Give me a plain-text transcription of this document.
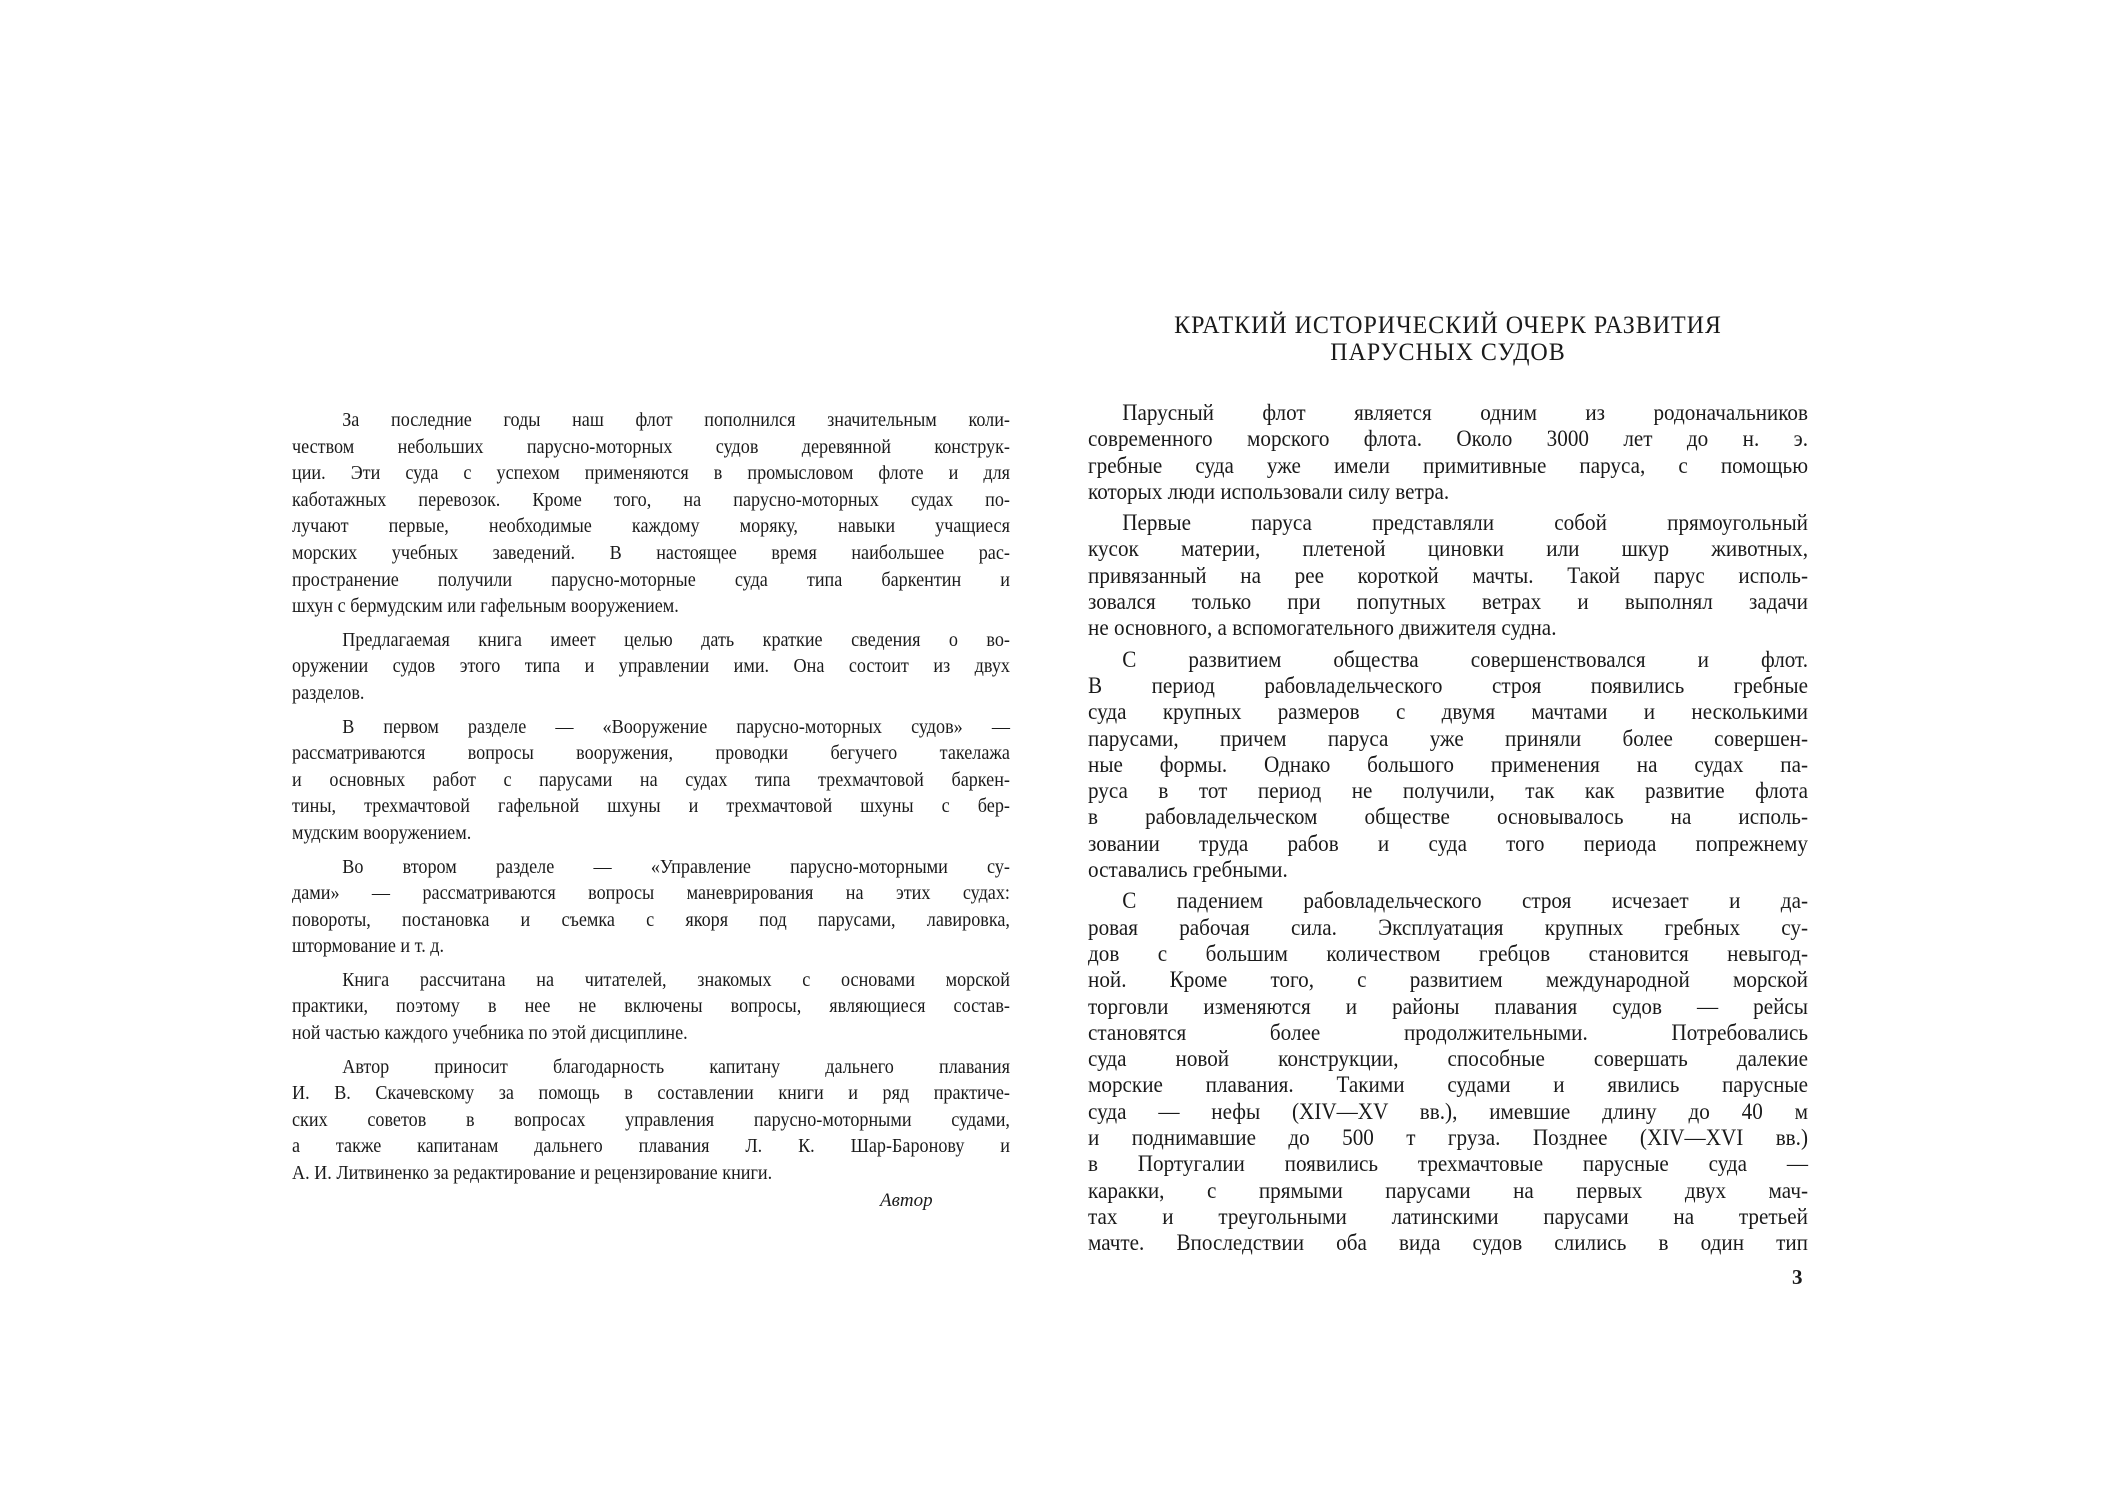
За последние годы наш флот пополнился значительным коли-
чеством небольших парусно-моторных судов деревянной конструк-
ции. Эти суда с успехом применяются в промысловом флоте и для
каботажных перевозок. Кроме того, на парусно-моторных судах по-
лучают первые, необходимые каждому моряку, навыки учащиеся
морских учебных заведений. В настоящее время наибольшее рас-
пространение получили парусно-моторные суда типа баркентин и
шхун с бермудским или гафельным вооружением.
Предлагаемая книга имеет целью дать краткие сведения о во-
оружении судов этого типа и управлении ими. Она состоит из двух
разделов.
В первом разделе — «Вооружение парусно-моторных судов» —
рассматриваются вопросы вооружения, проводки бегучего такелажа
и основных работ с парусами на судах типа трехмачтовой баркен-
тины, трехмачтовой гафельной шхуны и трехмачтовой шхуны с бер-
мудским вооружением.
Во втором разделе — «Управление парусно-моторными су-
дами» — рассматриваются вопросы маневрирования на этих судах:
повороты, постановка и съемка с якоря под парусами, лавировка,
штормование и т. д.
Книга рассчитана на читателей, знакомых с основами морской
практики, поэтому в нее не включены вопросы, являющиеся состав-
ной частью каждого учебника по этой дисциплине.
Автор приносит благодарность капитану дальнего плавания
И. В. Скачевскому за помощь в составлении книги и ряд практиче-
ских советов в вопросах управления парусно-моторными судами,
а также капитанам дальнего плавания Л. К. Шар-Баронову и
А. И. Литвиненко за редактирование и рецензирование книги.
Автор
КРАТКИЙ ИСТОРИЧЕСКИЙ ОЧЕРК РАЗВИТИЯ
ПАРУСНЫХ СУДОВ
Парусный флот является одним из родоначальников
современного морского флота. Около 3000 лет до н. э.
гребные суда уже имели примитивные паруса, с помощью
которых люди использовали силу ветра.
Первые паруса представляли собой прямоугольный
кусок материи, плетеной циновки или шкур животных,
привязанный на рее короткой мачты. Такой парус исполь-
зовался только при попутных ветрах и выполнял задачи
не основного, а вспомогательного движителя судна.
С развитием общества совершенствовался и флот.
В период рабовладельческого строя появились гребные
суда крупных размеров с двумя мачтами и несколькими
парусами, причем паруса уже приняли более совершен-
ные формы. Однако большого применения на судах па-
руса в тот период не получили, так как развитие флота
в рабовладельческом обществе основывалось на исполь-
зовании труда рабов и суда того периода попрежнему
оставались гребными.
С падением рабовладельческого строя исчезает и да-
ровая рабочая сила. Эксплуатация крупных гребных су-
дов с большим количеством гребцов становится невыгод-
ной. Кроме того, с развитием международной морской
торговли изменяются и районы плавания судов — рейсы
становятся более продолжительными. Потребовались
суда новой конструкции, способные совершать далекие
морские плавания. Такими судами и явились парусные
суда — нефы (XIV—XV вв.), имевшие длину до 40 м
и поднимавшие до 500 т груза. Позднее (XIV—XVI вв.)
в Португалии появились трехмачтовые парусные суда —
каракки, с прямыми парусами на первых двух мач-
тах и треугольными латинскими парусами на третьей
мачте. Впоследствии оба вида судов слились в один тип
3
